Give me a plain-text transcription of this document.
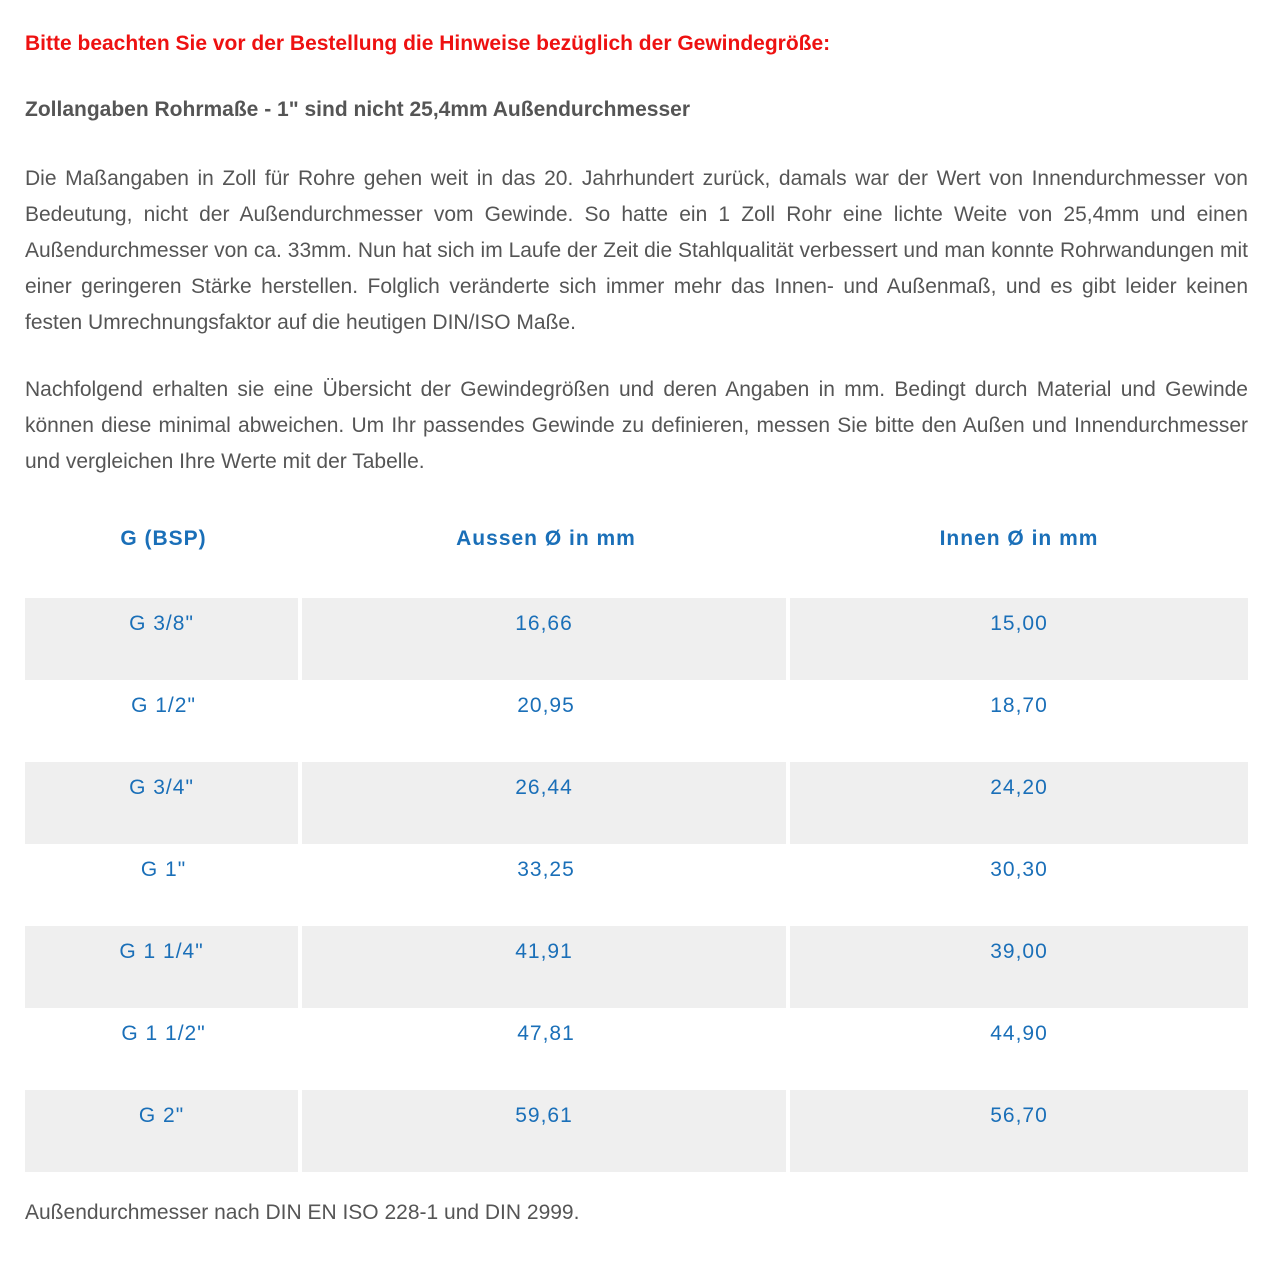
Bitte beachten Sie vor der Bestellung die Hinweise bezüglich der Gewindegröße:

Zollangaben Rohrmaße - 1" sind nicht 25,4mm Außendurchmesser

Die Maßangaben in Zoll für Rohre gehen weit in das 20. Jahrhundert zurück, damals war der Wert von Innendurchmesser von Bedeutung, nicht der Außendurchmesser vom Gewinde. So hatte ein 1 Zoll Rohr eine lichte Weite von 25,4mm und einen Außendurchmesser von ca. 33mm. Nun hat sich im Laufe der Zeit die Stahlqualität verbessert und man konnte Rohrwandungen mit einer geringeren Stärke herstellen. Folglich veränderte sich immer mehr das Innen- und Außenmaß, und es gibt leider keinen festen Umrechnungsfaktor auf die heutigen DIN/ISO Maße.

Nachfolgend erhalten sie eine Übersicht der Gewindegrößen und deren Angaben in mm. Bedingt durch Material und Gewinde können diese minimal abweichen. Um Ihr passendes Gewinde zu definieren, messen Sie bitte den Außen und Innendurchmesser und vergleichen Ihre Werte mit der Tabelle.

G (BSP)	Aussen Ø in mm	Innen Ø in mm

G 3/8"	16,66	15,00
G 1/2"	20,95	18,70
G 3/4"	26,44	24,20
G 1"	33,25	30,30
G 1 1/4"	41,91	39,00
G 1 1/2"	47,81	44,90
G 2"	59,61	56,70

Außendurchmesser nach DIN EN ISO 228-1 und DIN 2999.
